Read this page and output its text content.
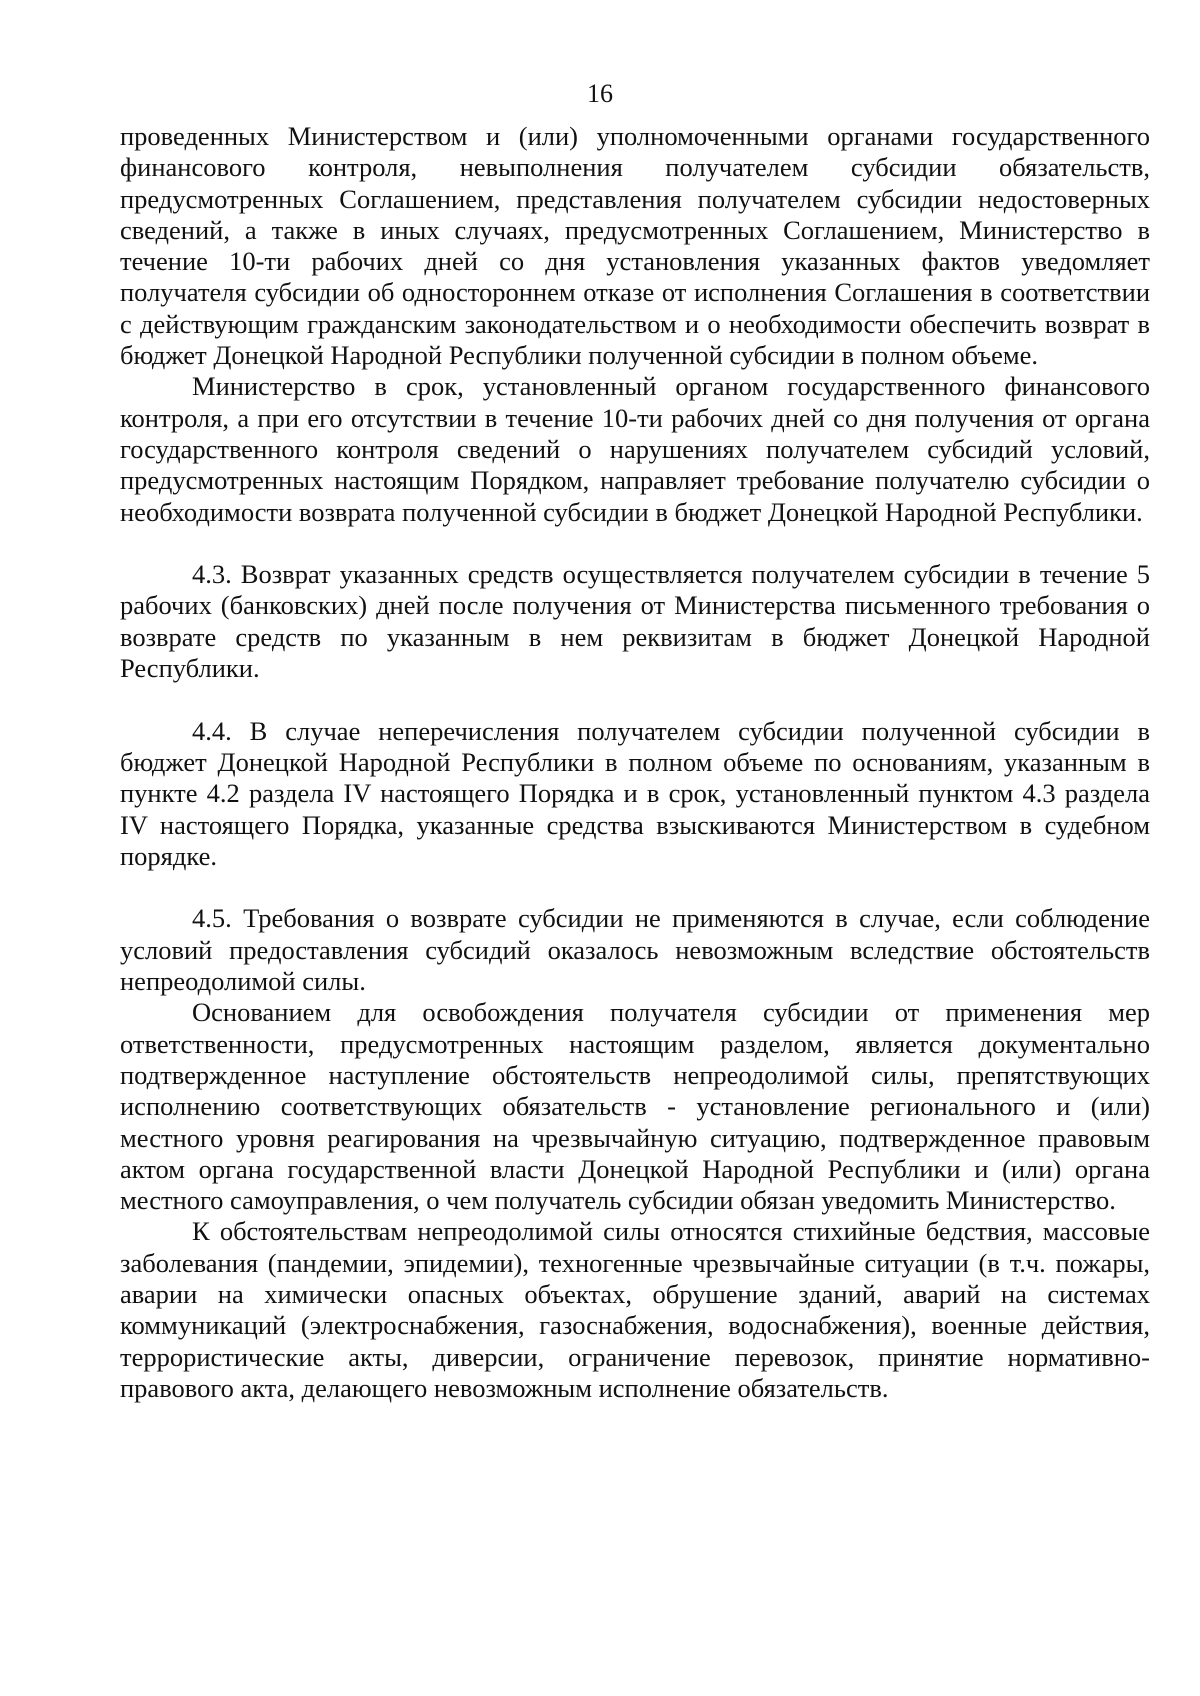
16

проведенных Министерством и (или) уполномоченными органами государственного финансового контроля, невыполнения получателем субсидии обязательств, предусмотренных Соглашением, представления получателем субсидии недостоверных сведений, а также в иных случаях, предусмотренных Соглашением, Министерство в течение 10-ти рабочих дней со дня установления указанных фактов уведомляет получателя субсидии об одностороннем отказе от исполнения Соглашения в соответствии с действующим гражданским законодательством и о необходимости обеспечить возврат в бюджет Донецкой Народной Республики полученной субсидии в полном объеме.

Министерство в срок, установленный органом государственного финансового контроля, а при его отсутствии в течение 10-ти рабочих дней со дня получения от органа государственного контроля сведений о нарушениях получателем субсидий условий, предусмотренных настоящим Порядком, направляет требование получателю субсидии о необходимости возврата полученной субсидии в бюджет Донецкой Народной Республики.

4.3. Возврат указанных средств осуществляется получателем субсидии в течение 5 рабочих (банковских) дней после получения от Министерства письменного требования о возврате средств по указанным в нем реквизитам в бюджет Донецкой Народной Республики.

4.4. В случае неперечисления получателем субсидии полученной субсидии в бюджет Донецкой Народной Республики в полном объеме по основаниям, указанным в пункте 4.2 раздела IV настоящего Порядка и в срок, установленный пунктом 4.3 раздела IV настоящего Порядка, указанные средства взыскиваются Министерством в судебном порядке.

4.5. Требования о возврате субсидии не применяются в случае, если соблюдение условий предоставления субсидий оказалось невозможным вследствие обстоятельств непреодолимой силы.

Основанием для освобождения получателя субсидии от применения мер ответственности, предусмотренных настоящим разделом, является документально подтвержденное наступление обстоятельств непреодолимой силы, препятствующих исполнению соответствующих обязательств - установление регионального и (или) местного уровня реагирования на чрезвычайную ситуацию, подтвержденное правовым актом органа государственной власти Донецкой Народной Республики и (или) органа местного самоуправления, о чем получатель субсидии обязан уведомить Министерство.

К обстоятельствам непреодолимой силы относятся стихийные бедствия, массовые заболевания (пандемии, эпидемии), техногенные чрезвычайные ситуации (в т.ч. пожары, аварии на химически опасных объектах, обрушение зданий, аварий на системах коммуникаций (электроснабжения, газоснабжения, водоснабжения), военные действия, террористические акты, диверсии, ограничение перевозок, принятие нормативно-правового акта, делающего невозможным исполнение обязательств.
